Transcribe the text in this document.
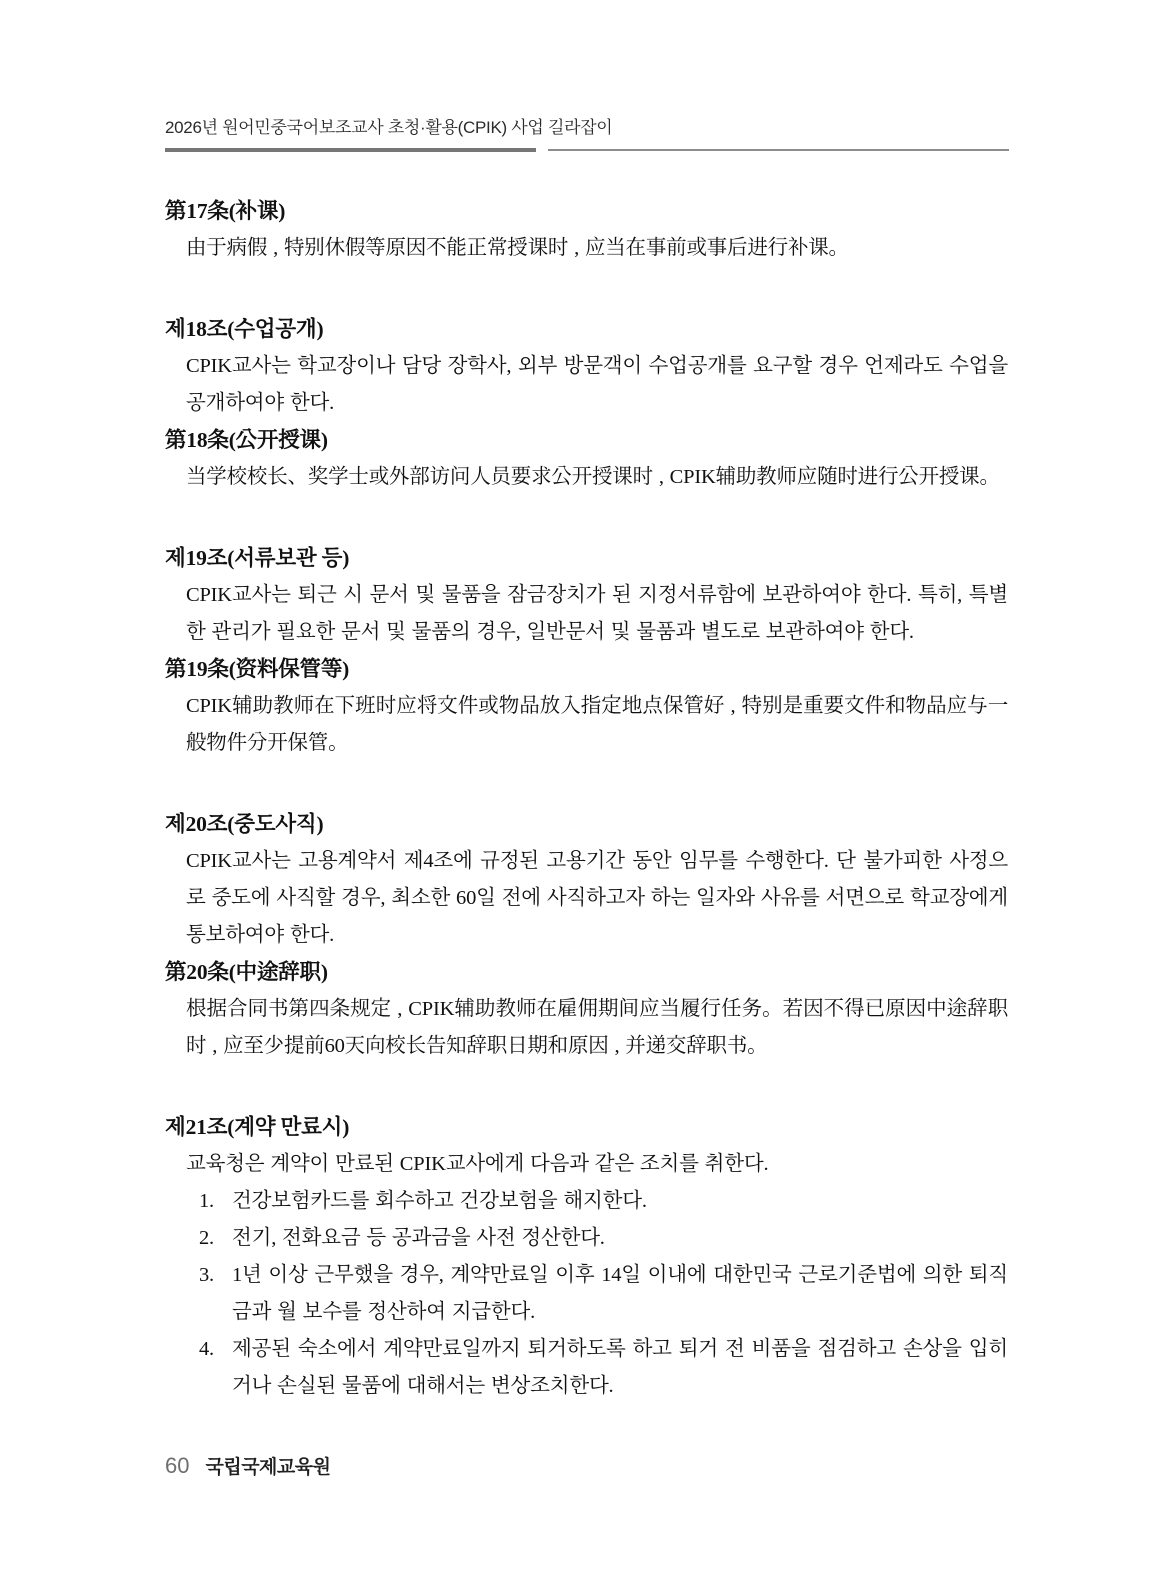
2026년 원어민중국어보조교사 초청·활용(CPIK) 사업 길라잡이
第17条(补课)

由于病假 , 特别休假等原因不能正常授课时 , 应当在事前或事后进行补课。

제18조(수업공개)

CPIK교사는 학교장이나 담당 장학사, 외부 방문객이 수업공개를 요구할 경우 언제라도 수업을 공개하여야 한다.

第18条(公开授课)

当学校校长、奖学士或外部访问人员要求公开授课时 , CPIK辅助教师应随时进行公开授课。

제19조(서류보관 등)

CPIK교사는 퇴근 시 문서 및 물품을 잠금장치가 된 지정서류함에 보관하여야 한다. 특히, 특별한 관리가 필요한 문서 및 물품의 경우, 일반문서 및 물품과 별도로 보관하여야 한다.

第19条(资料保管等)

CPIK辅助教师在下班时应将文件或物品放入指定地点保管好 , 特别是重要文件和物品应与一般物件分开保管。

제20조(중도사직)

CPIK교사는 고용계약서 제4조에 규정된 고용기간 동안 임무를 수행한다. 단 불가피한 사정으로 중도에 사직할 경우, 최소한 60일 전에 사직하고자 하는 일자와 사유를 서면으로 학교장에게 통보하여야 한다.

第20条(中途辞职)

根据合同书第四条规定 , CPIK辅助教师在雇佣期间应当履行任务。若因不得已原因中途辞职时 , 应至少提前60天向校长告知辞职日期和原因 , 并递交辞职书。

제21조(계약 만료시)

교육청은 계약이 만료된 CPIK교사에게 다음과 같은 조치를 취한다.

1. 건강보험카드를 회수하고 건강보험을 해지한다.
2. 전기, 전화요금 등 공과금을 사전 정산한다.
3. 1년 이상 근무했을 경우, 계약만료일 이후 14일 이내에 대한민국 근로기준법에 의한 퇴직금과 월 보수를 정산하여 지급한다.
4. 제공된 숙소에서 계약만료일까지 퇴거하도록 하고 퇴거 전 비품을 점검하고 손상을 입히거나 손실된 물품에 대해서는 변상조치한다.
60 국립국제교육원
